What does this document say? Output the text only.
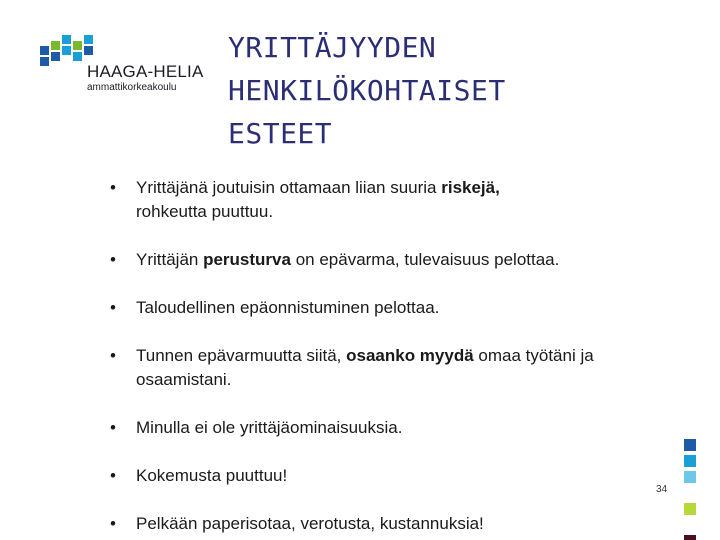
HAAGA-HELIA
ammattikorkeakoulu
YRITTÄJYYDEN
HENKILÖKOHTAISET
ESTEET
• Yrittäjänä joutuisin ottamaan liian suuria riskejä,
rohkeutta puuttuu.
• Yrittäjän perusturva on epävarma, tulevaisuus pelottaa.
• Taloudellinen epäonnistuminen pelottaa.
• Tunnen epävarmuutta siitä, osaanko myydä omaa työtäni ja osaamistani.
• Minulla ei ole yrittäjäominaisuuksia.
• Kokemusta puuttuu!
• Pelkään paperisotaa, verotusta, kustannuksia!
34
